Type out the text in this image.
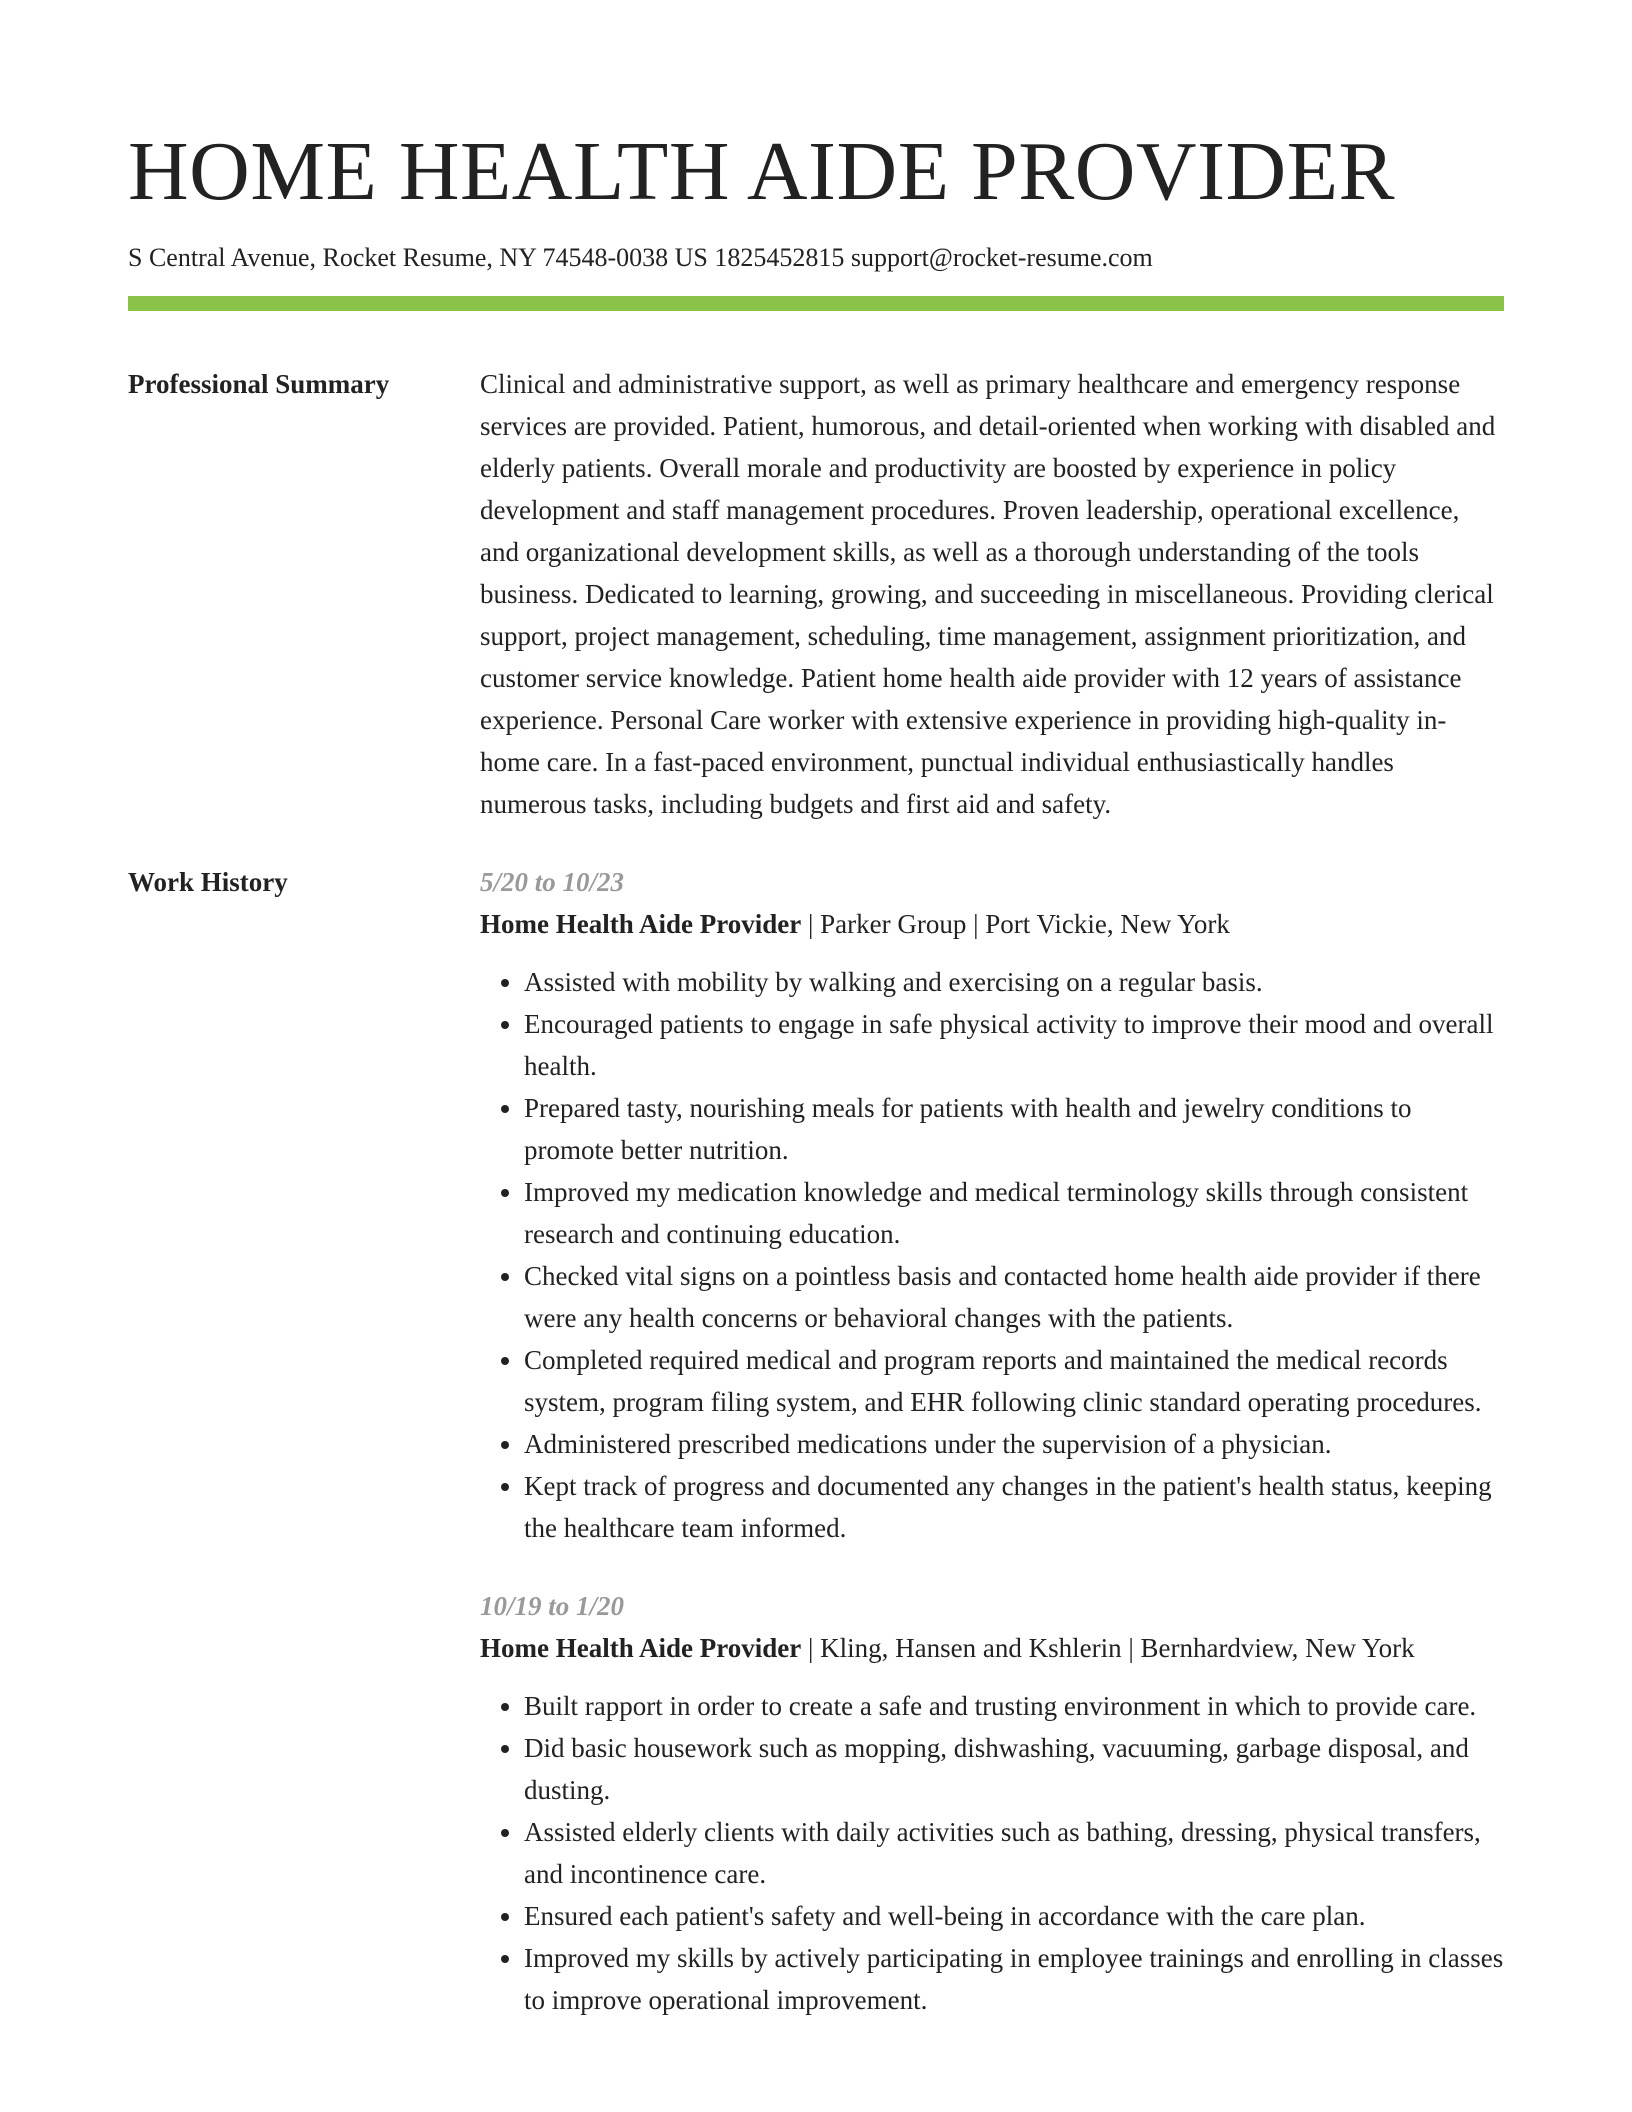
HOME HEALTH AIDE PROVIDER
S Central Avenue, Rocket Resume, NY 74548-0038 US 1825452815 support@rocket-resume.com
Professional Summary	Clinical and administrative support, as well as primary healthcare and emergency response services are provided. Patient, humorous, and detail-oriented when working with disabled and elderly patients. Overall morale and productivity are boosted by experience in policy development and staff management procedures. Proven leadership, operational excellence, and organizational development skills, as well as a thorough understanding of the tools business. Dedicated to learning, growing, and succeeding in miscellaneous. Providing clerical support, project management, scheduling, time management, assignment prioritization, and customer service knowledge. Patient home health aide provider with 12 years of assistance experience. Personal Care worker with extensive experience in providing high-quality in-home care. In a fast-paced environment, punctual individual enthusiastically handles numerous tasks, including budgets and first aid and safety.

Work History	5/20 to 10/23
Home Health Aide Provider | Parker Group | Port Vickie, New York
• Assisted with mobility by walking and exercising on a regular basis.
• Encouraged patients to engage in safe physical activity to improve their mood and overall health.
• Prepared tasty, nourishing meals for patients with health and jewelry conditions to promote better nutrition.
• Improved my medication knowledge and medical terminology skills through consistent research and continuing education.
• Checked vital signs on a pointless basis and contacted home health aide provider if there were any health concerns or behavioral changes with the patients.
• Completed required medical and program reports and maintained the medical records system, program filing system, and EHR following clinic standard operating procedures.
• Administered prescribed medications under the supervision of a physician.
• Kept track of progress and documented any changes in the patient's health status, keeping the healthcare team informed.
10/19 to 1/20
Home Health Aide Provider | Kling, Hansen and Kshlerin | Bernhardview, New York
• Built rapport in order to create a safe and trusting environment in which to provide care.
• Did basic housework such as mopping, dishwashing, vacuuming, garbage disposal, and dusting.
• Assisted elderly clients with daily activities such as bathing, dressing, physical transfers, and incontinence care.
• Ensured each patient's safety and well-being in accordance with the care plan.
• Improved my skills by actively participating in employee trainings and enrolling in classes to improve operational improvement.
